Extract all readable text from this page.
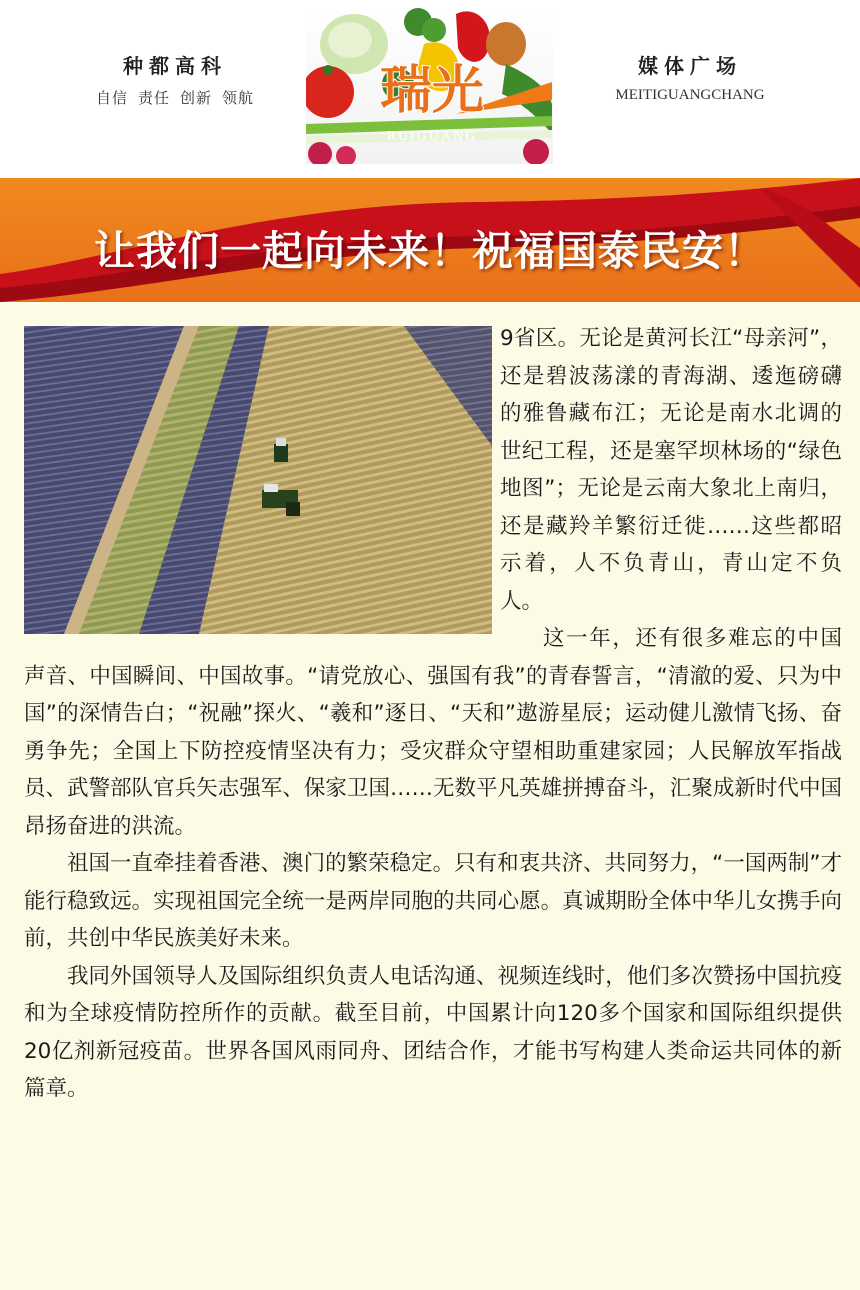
种都高科
自信 责任 创新 领航	瑞光
RUIGUANG
媒体广场
MEITIGUANGCHANG
让我们一起向未来！祝福国泰民安！

9省区。无论是黄河长江“母亲河”，还是碧波荡漾的青海湖、逶迤磅礴的雅鲁藏布江；无论是南水北调的世纪工程，还是塞罕坝林场的“绿色地图”；无论是云南大象北上南归，还是藏羚羊繁衍迁徙……这些都昭示着，人不负青山，青山定不负人。

这一年，还有很多难忘的中国声音、中国瞬间、中国故事。“请党放心、强国有我”的青春誓言，“清澈的爱、只为中国”的深情告白；“祝融”探火、“羲和”逐日、“天和”遨游星辰；运动健儿激情飞扬、奋勇争先；全国上下防控疫情坚决有力；受灾群众守望相助重建家园；人民解放军指战员、武警部队官兵矢志强军、保家卫国……无数平凡英雄拼搏奋斗，汇聚成新时代中国昂扬奋进的洪流。

祖国一直牵挂着香港、澳门的繁荣稳定。只有和衷共济、共同努力，“一国两制”才能行稳致远。实现祖国完全统一是两岸同胞的共同心愿。真诚期盼全体中华儿女携手向前，共创中华民族美好未来。

我同外国领导人及国际组织负责人电话沟通、视频连线时，他们多次赞扬中国抗疫和为全球疫情防控所作的贡献。截至目前，中国累计向120多个国家和国际组织提供20亿剂新冠疫苗。世界各国风雨同舟、团结合作，才能书写构建人类命运共同体的新篇章。
